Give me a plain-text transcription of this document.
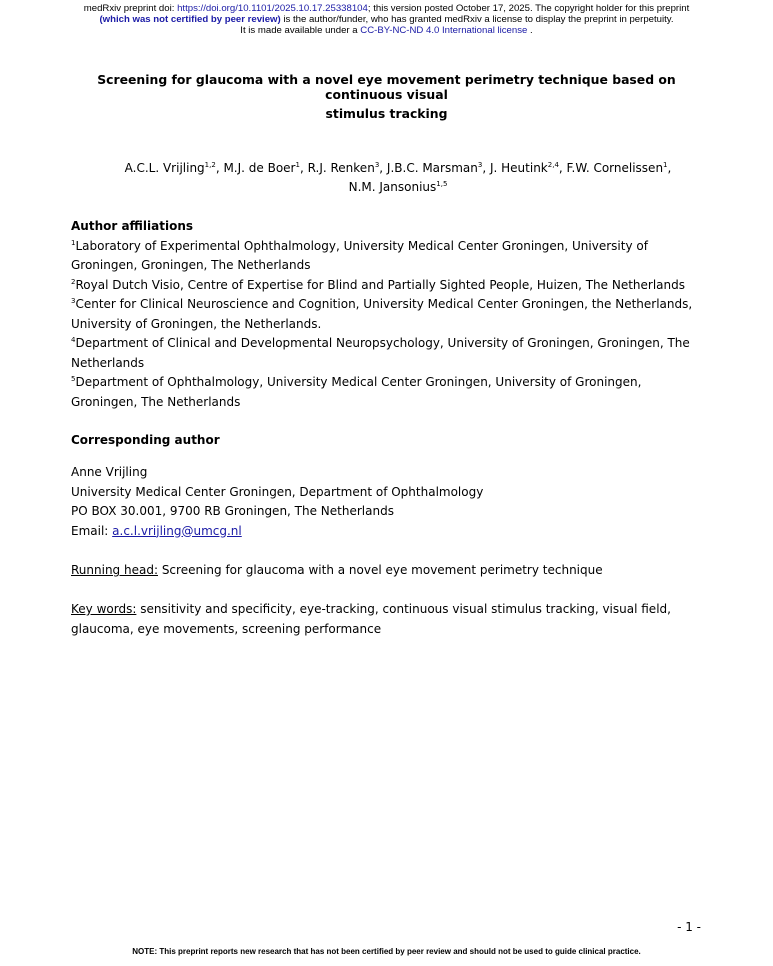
medRxiv preprint doi: https://doi.org/10.1101/2025.10.17.25338104; this version posted October 17, 2025. The copyright holder for this preprint
(which was not certified by peer review) is the author/funder, who has granted medRxiv a license to display the preprint in perpetuity.
It is made available under a CC-BY-NC-ND 4.0 International license .
Screening for glaucoma with a novel eye movement perimetry technique based on continuous visual
stimulus tracking
A.C.L. Vrijling$^{1,2}$, M.J. de Boer$^1$, R.J. Renken$^3$, J.B.C. Marsman$^3$, J. Heutink$^{2,4}$, F.W. Cornelissen$^1$, N.M. Jansonius$^{1,5}$
Author affiliations
$^1$Laboratory of Experimental Ophthalmology, University Medical Center Groningen, University of Groningen, Groningen, The Netherlands
$^2$Royal Dutch Visio, Centre of Expertise for Blind and Partially Sighted People, Huizen, The Netherlands
$^3$Center for Clinical Neuroscience and Cognition, University Medical Center Groningen, the Netherlands, University of Groningen, the Netherlands.
$^4$Department of Clinical and Developmental Neuropsychology, University of Groningen, Groningen, The Netherlands
$^5$Department of Ophthalmology, University Medical Center Groningen, University of Groningen, Groningen, The Netherlands
Corresponding author
Anne Vrijling
University Medical Center Groningen, Department of Ophthalmology
PO BOX 30.001, 9700 RB Groningen, The Netherlands
Email: a.c.l.vrijling@umcg.nl
Running head: Screening for glaucoma with a novel eye movement perimetry technique
Key words: sensitivity and specificity, eye-tracking, continuous visual stimulus tracking, visual field, glaucoma, eye movements, screening performance
- 1 -
NOTE: This preprint reports new research that has not been certified by peer review and should not be used to guide clinical practice.
